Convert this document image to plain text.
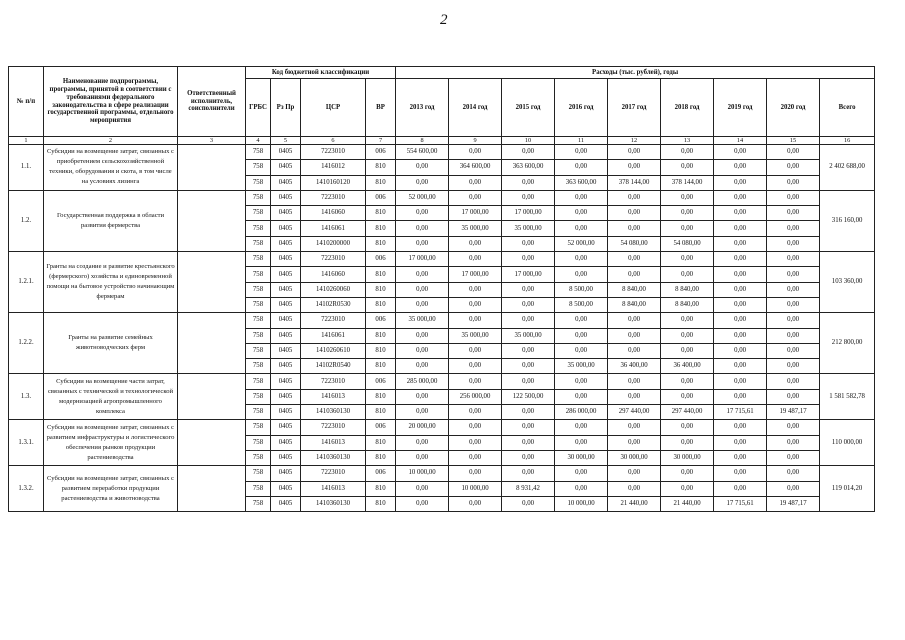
2
№ п/п	Наименование подпрограммы, программы, принятой в соответствии с требованиями федерального законодательства в сфере реализации государственной программы, отдельного мероприятия	Ответственный исполнитель, соисполнители	Код бюджетной классификации				Расходы (тыс. рублей), годы								
			ГРБС	Рз Пр	ЦСР	ВР	2013 год	2014 год	2015 год	2016 год	2017 год	2018 год	2019 год	2020 год	Всего
1	2	3	4	5	6	7	8	9	10	11	12	13	14	15	16
1.1.	Субсидии на возмещение затрат, связанных с приобретением сельскохозяйственной техники, оборудования и скота, в том числе на условиях лизинга		758	0405	7223010	006	554 600,00	0,00	0,00	0,00	0,00	0,00	0,00	0,00	2 402 688,00
			758	0405	1416012	810	0,00	364 600,00	363 600,00	0,00	0,00	0,00	0,00	0,00	
			758	0405	1410160120	810	0,00	0,00	0,00	363 600,00	378 144,00	378 144,00	0,00	0,00	
1.2.	Государственная поддержка в области развития фермерства		758	0405	7223010	006	52 000,00	0,00	0,00	0,00	0,00	0,00	0,00	0,00	316 160,00
			758	0405	1416060	810	0,00	17 000,00	17 000,00	0,00	0,00	0,00	0,00	0,00	
			758	0405	1416061	810	0,00	35 000,00	35 000,00	0,00	0,00	0,00	0,00	0,00	
			758	0405	1410200000	810	0,00	0,00	0,00	52 000,00	54 080,00	54 080,00	0,00	0,00	
1.2.1.	Гранты на создание и развитие крестьянского (фермерского) хозяйства и единовременной помощи на бытовое устройство начинающим фермерам		758	0405	7223010	006	17 000,00	0,00	0,00	0,00	0,00	0,00	0,00	0,00	103 360,00
			758	0405	1416060	810	0,00	17 000,00	17 000,00	0,00	0,00	0,00	0,00	0,00	
			758	0405	1410260060	810	0,00	0,00	0,00	8 500,00	8 840,00	8 840,00	0,00	0,00	
			758	0405	14102R0530	810	0,00	0,00	0,00	8 500,00	8 840,00	8 840,00	0,00	0,00	
1.2.2.	Гранты на развитие семейных животноводческих ферм		758	0405	7223010	006	35 000,00	0,00	0,00	0,00	0,00	0,00	0,00	0,00	212 800,00
			758	0405	1416061	810	0,00	35 000,00	35 000,00	0,00	0,00	0,00	0,00	0,00	
			758	0405	1410260610	810	0,00	0,00	0,00	0,00	0,00	0,00	0,00	0,00	
			758	0405	14102R0540	810	0,00	0,00	0,00	35 000,00	36 400,00	36 400,00	0,00	0,00	
1.3.	Субсидии на возмещение части затрат, связанных с технической и технологической модернизацией агропромышленного комплекса		758	0405	7223010	006	285 000,00	0,00	0,00	0,00	0,00	0,00	0,00	0,00	1 581 582,78
			758	0405	1416013	810	0,00	256 000,00	122 500,00	0,00	0,00	0,00	0,00	0,00	
			758	0405	1410360130	810	0,00	0,00	0,00	286 000,00	297 440,00	297 440,00	17 715,61	19 487,17	
1.3.1.	Субсидии на возмещение затрат, связанных с развитием инфраструктуры и логистического обеспечения рынков продукции растениеводства		758	0405	7223010	006	20 000,00	0,00	0,00	0,00	0,00	0,00	0,00	0,00	110 000,00
			758	0405	1416013	810	0,00	0,00	0,00	0,00	0,00	0,00	0,00	0,00	
			758	0405	1410360130	810	0,00	0,00	0,00	30 000,00	30 000,00	30 000,00	0,00	0,00	
1.3.2.	Субсидии на возмещение затрат, связанных с развитием переработки продукции растениеводства и животноводства		758	0405	7223010	006	10 000,00	0,00	0,00	0,00	0,00	0,00	0,00	0,00	119 014,20
			758	0405	1416013	810	0,00	10 000,00	8 931,42	0,00	0,00	0,00	0,00	0,00	
			758	0405	1410360130	810	0,00	0,00	0,00	10 000,00	21 440,00	21 440,00	17 715,61	19 487,17	
